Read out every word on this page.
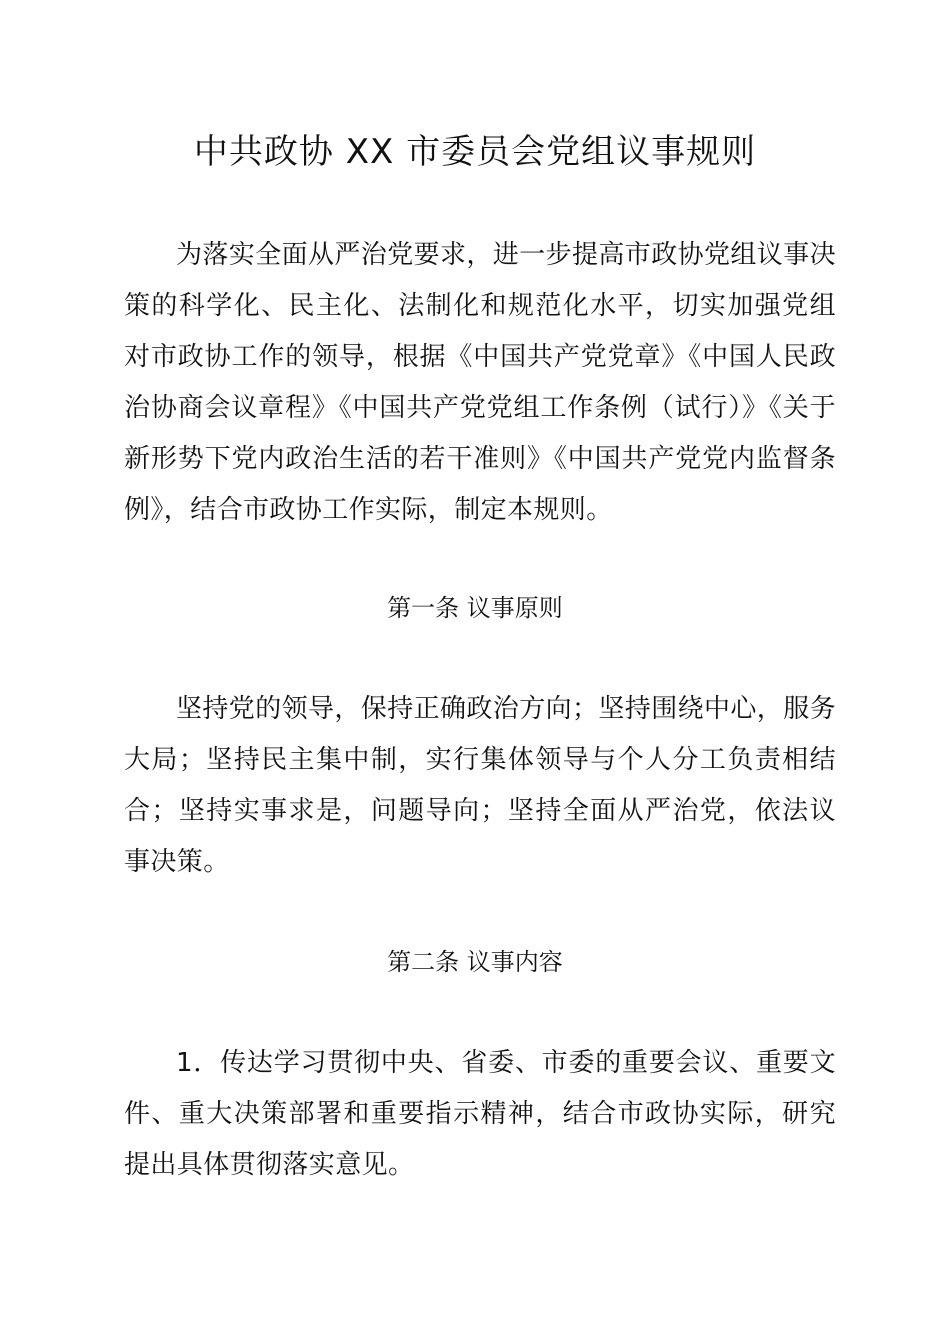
中共政协 XX 市委员会党组议事规则

为落实全面从严治党要求，进一步提高市政协党组议事决策的科学化、民主化、法制化和规范化水平，切实加强党组对市政协工作的领导，根据《中国共产党党章》《中国人民政治协商会议章程》《中国共产党党组工作条例（试行）》《关于新形势下党内政治生活的若干准则》《中国共产党党内监督条例》，结合市政协工作实际，制定本规则。

第一条 议事原则

坚持党的领导，保持正确政治方向；坚持围绕中心，服务大局；坚持民主集中制，实行集体领导与个人分工负责相结合；坚持实事求是，问题导向；坚持全面从严治党，依法议事决策。

第二条 议事内容

1．传达学习贯彻中央、省委、市委的重要会议、重要文件、重大决策部署和重要指示精神，结合市政协实际，研究提出具体贯彻落实意见。
